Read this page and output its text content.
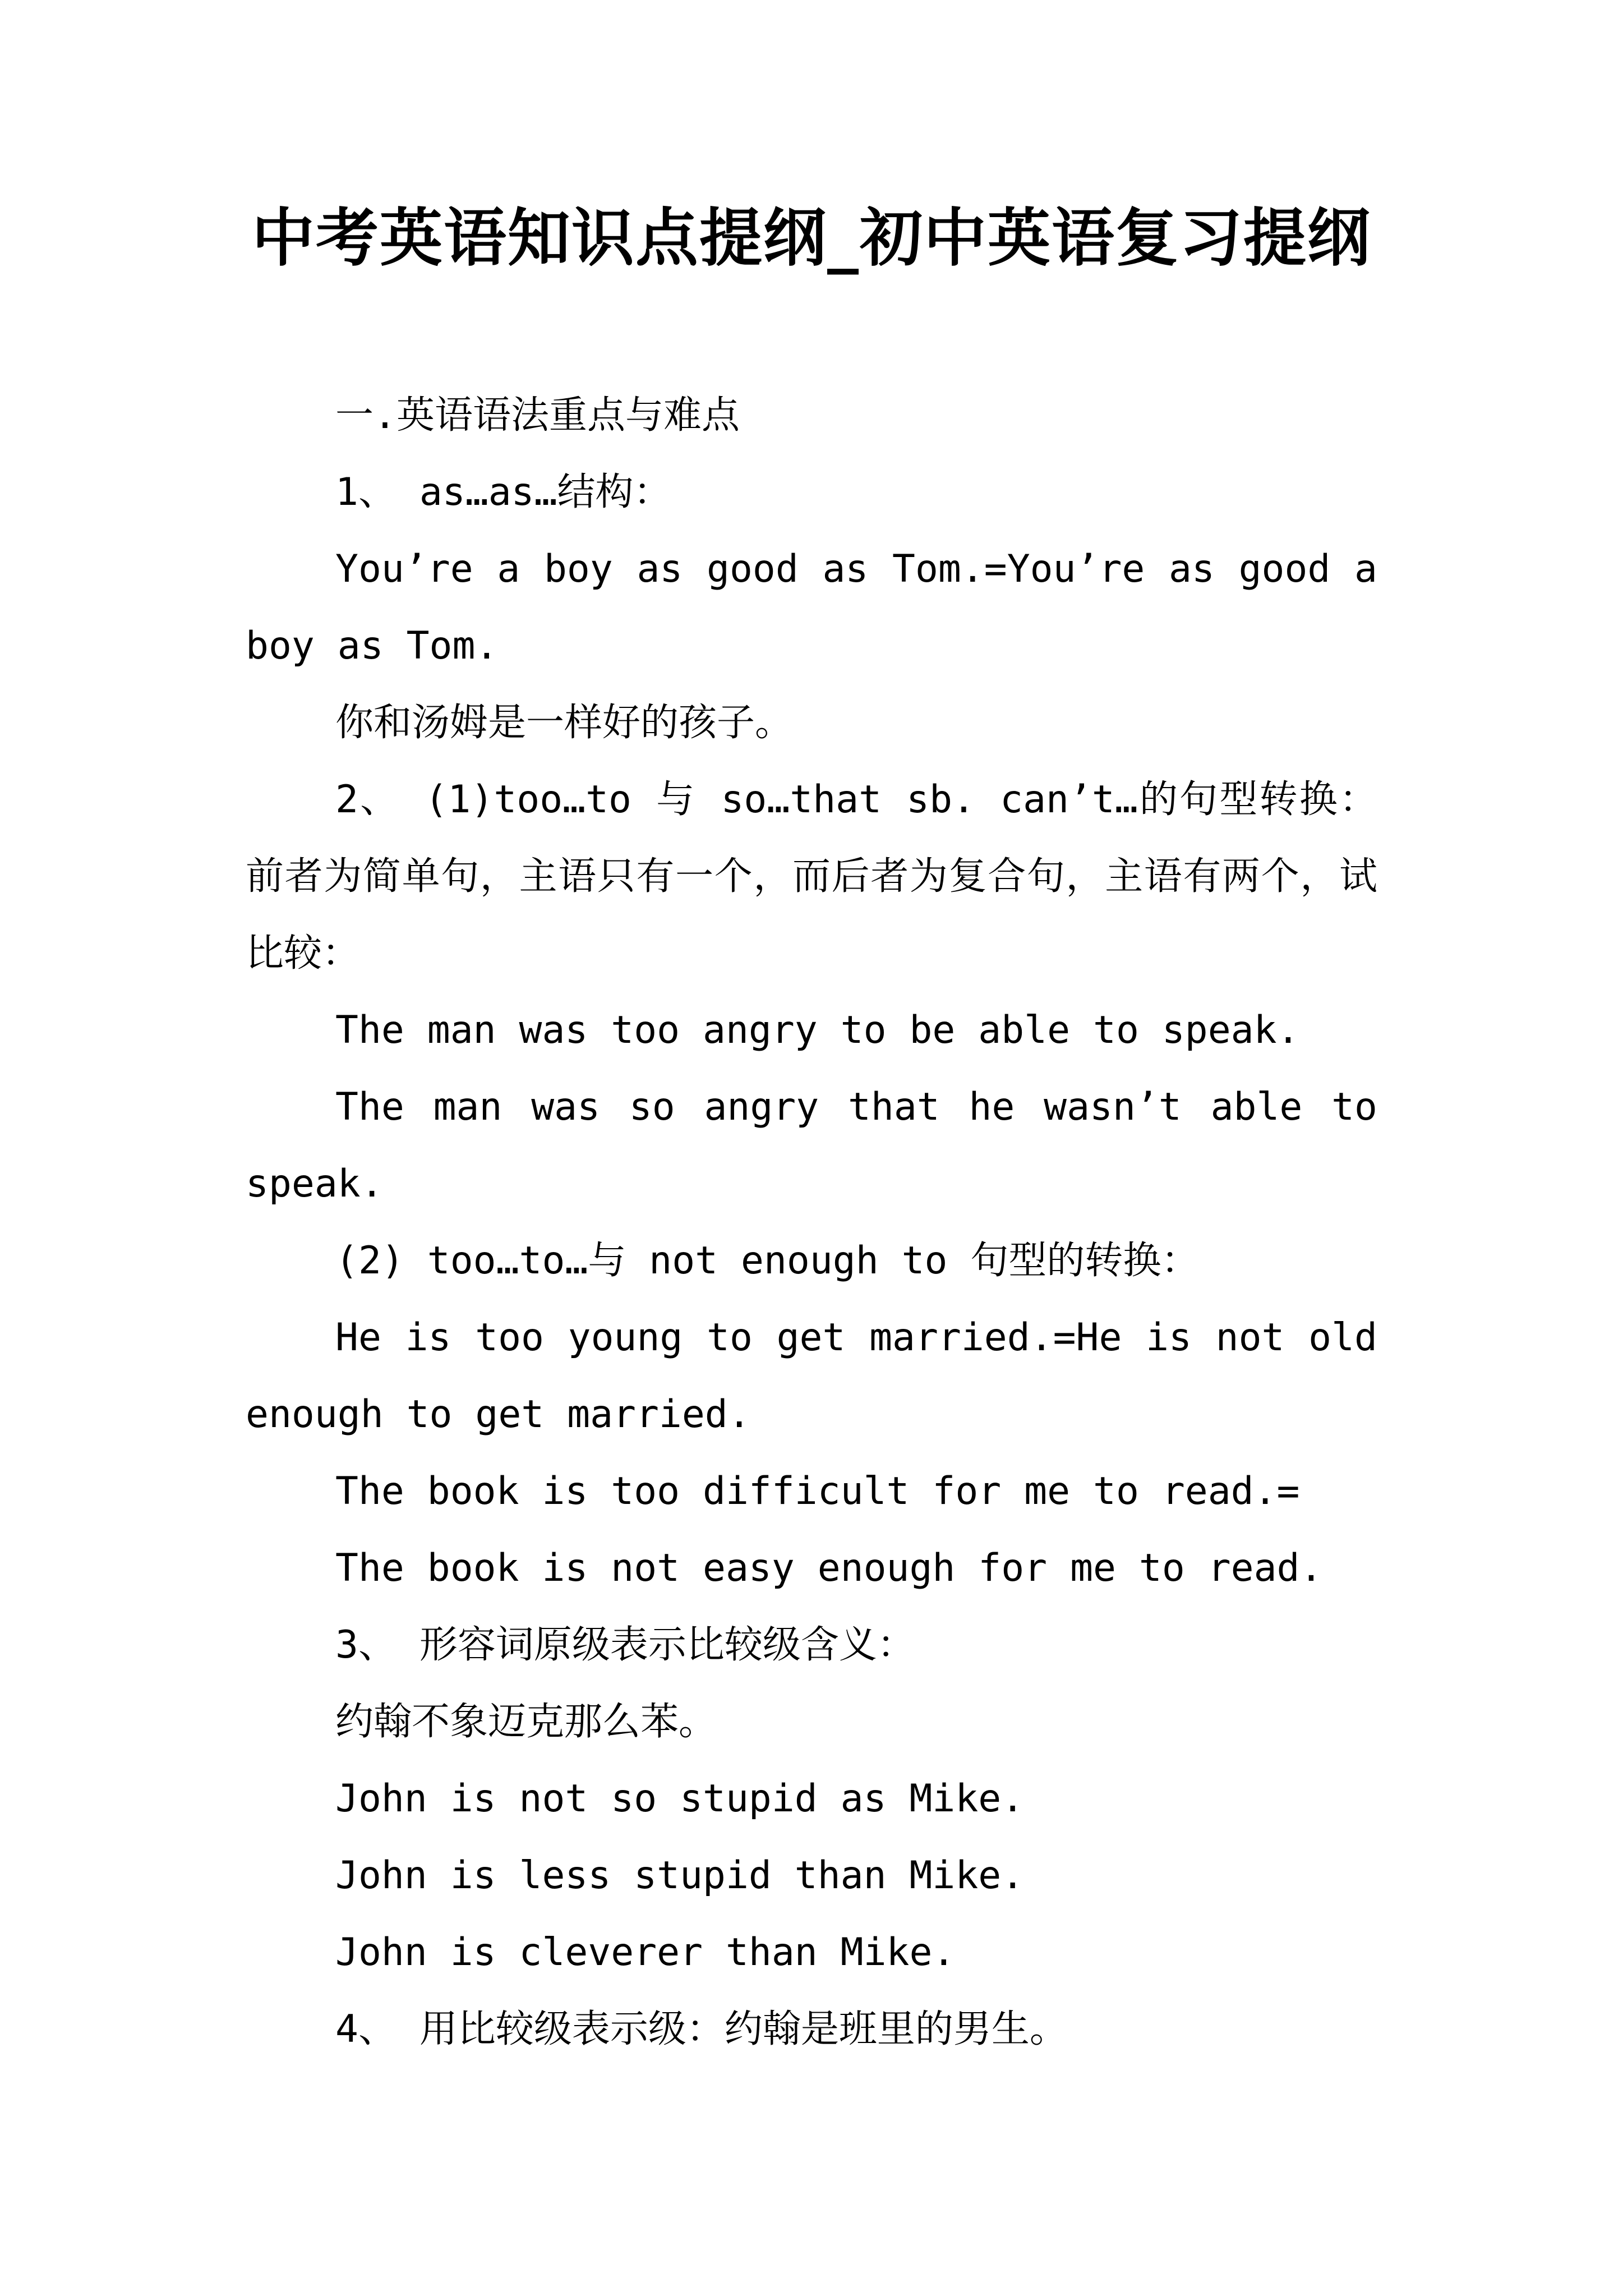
中考英语知识点提纲_初中英语复习提纲

一.英语语法重点与难点

1、 as…as…结构：

You’re a boy as good as Tom.=You’re as good a boy as Tom.

你和汤姆是一样好的孩子。

2、 (1)too…to 与 so…that sb. can’t…的句型转换：前者为简单句，主语只有一个，而后者为复合句，主语有两个，试比较：

The man was too angry to be able to speak.

The man was so angry that he wasn’t able to speak.

(2) too…to…与 not enough to 句型的转换：

He is too young to get married.=He is not old enough to get married.

The book is too difficult for me to read.=

The book is not easy enough for me to read.

3、 形容词原级表示比较级含义：

约翰不象迈克那么苯。

John is not so stupid as Mike.

John is less stupid than Mike.

John is cleverer than Mike.

4、 用比较级表示级：约翰是班里的男生。
